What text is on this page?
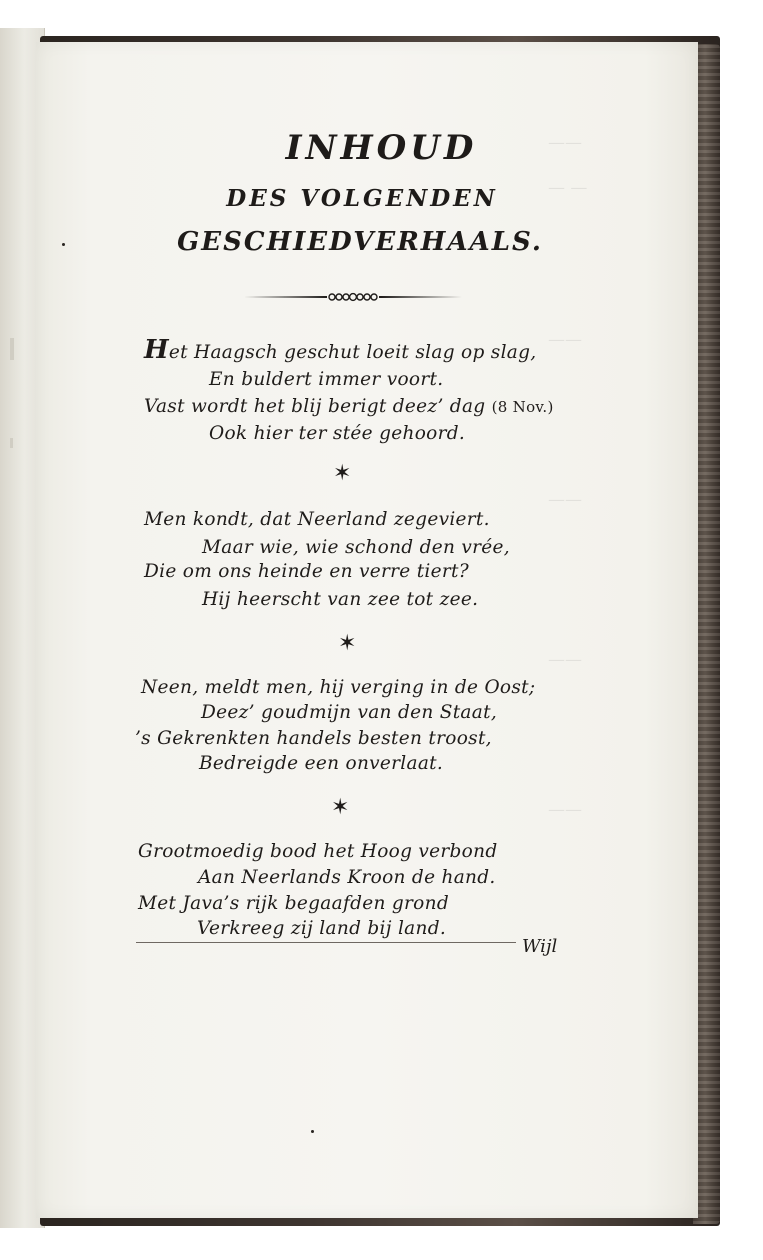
——
— —
——
——
——
——
INHOUD
DES VOLGENDEN
GESCHIEDVERHAALS.
Het Haagsch geschut loeit slag op slag,
En buldert immer voort.
Vast wordt het blij berigt deez’ dag (8 Nov.)
Ook hier ter stée gehoord.
✶
Men kondt, dat Neerland zegeviert.
Maar wie, wie schond den vrée,
Die om ons heinde en verre tiert?
Hij heerscht van zee tot zee.
✶
Neen, meldt men, hij verging in de Oost;
Deez’ goudmijn van den Staat,
’s Gekrenkten handels besten troost,
Bedreigde een onverlaat.
✶
Grootmoedig bood het Hoog verbond
Aan Neerlands Kroon de hand.
Met Java’s rijk begaafden grond
Verkreeg zij land bij land.
Wijl
